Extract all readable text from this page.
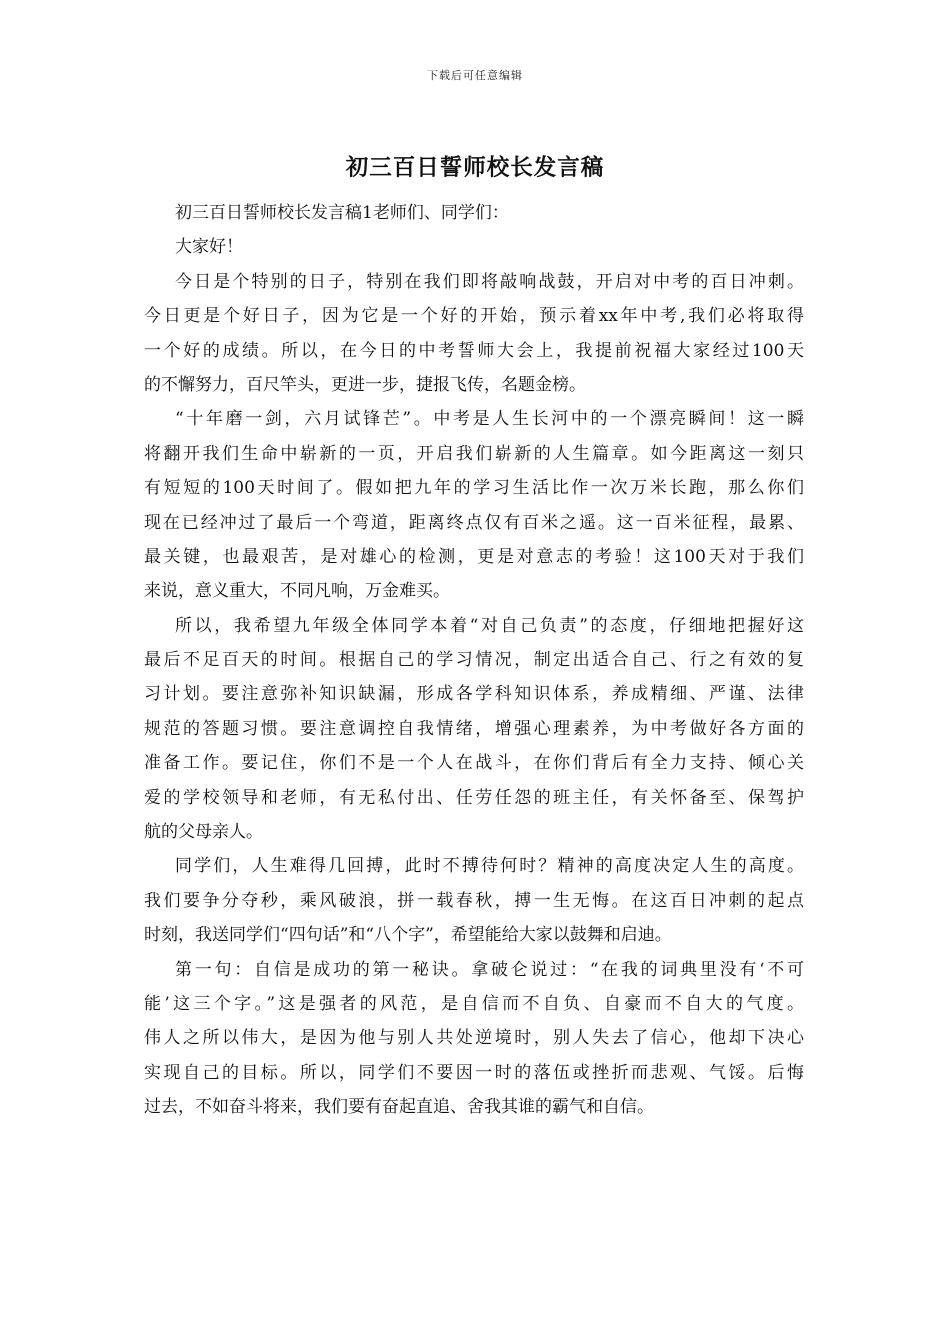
下载后可任意编辑
初三百日誓师校长发言稿
初三百日誓师校长发言稿1老师们、同学们：
大家好！
今日是个特别的日子，特别在我们即将敲响战鼓，开启对中考的百日冲刺。
今日更是个好日子，因为它是一个好的开始，预示着xx年中考,我们必将取得
一个好的成绩。所以，在今日的中考誓师大会上，我提前祝福大家经过100天
的不懈努力，百尺竿头，更进一步，捷报飞传，名题金榜。
“十年磨一剑，六月试锋芒”。中考是人生长河中的一个漂亮瞬间！这一瞬
将翻开我们生命中崭新的一页，开启我们崭新的人生篇章。如今距离这一刻只
有短短的100天时间了。假如把九年的学习生活比作一次万米长跑，那么你们
现在已经冲过了最后一个弯道，距离终点仅有百米之遥。这一百米征程，最累、
最关键，也最艰苦，是对雄心的检测，更是对意志的考验！这100天对于我们
来说，意义重大，不同凡响，万金难买。
所以，我希望九年级全体同学本着“对自己负责”的态度，仔细地把握好这
最后不足百天的时间。根据自己的学习情况，制定出适合自己、行之有效的复
习计划。要注意弥补知识缺漏，形成各学科知识体系，养成精细、严谨、法律
规范的答题习惯。要注意调控自我情绪，增强心理素养，为中考做好各方面的
准备工作。要记住，你们不是一个人在战斗，在你们背后有全力支持、倾心关
爱的学校领导和老师，有无私付出、任劳任怨的班主任，有关怀备至、保驾护
航的父母亲人。
同学们，人生难得几回搏，此时不搏待何时？精神的高度决定人生的高度。
我们要争分夺秒，乘风破浪，拼一载春秋，搏一生无悔。在这百日冲刺的起点
时刻，我送同学们“四句话”和“八个字”，希望能给大家以鼓舞和启迪。
第一句：自信是成功的第一秘诀。拿破仑说过：“在我的词典里没有‘不可
能’这三个字。”这是强者的风范，是自信而不自负、自豪而不自大的气度。
伟人之所以伟大，是因为他与别人共处逆境时，别人失去了信心，他却下决心
实现自己的目标。所以，同学们不要因一时的落伍或挫折而悲观、气馁。后悔
过去，不如奋斗将来，我们要有奋起直追、舍我其谁的霸气和自信。
